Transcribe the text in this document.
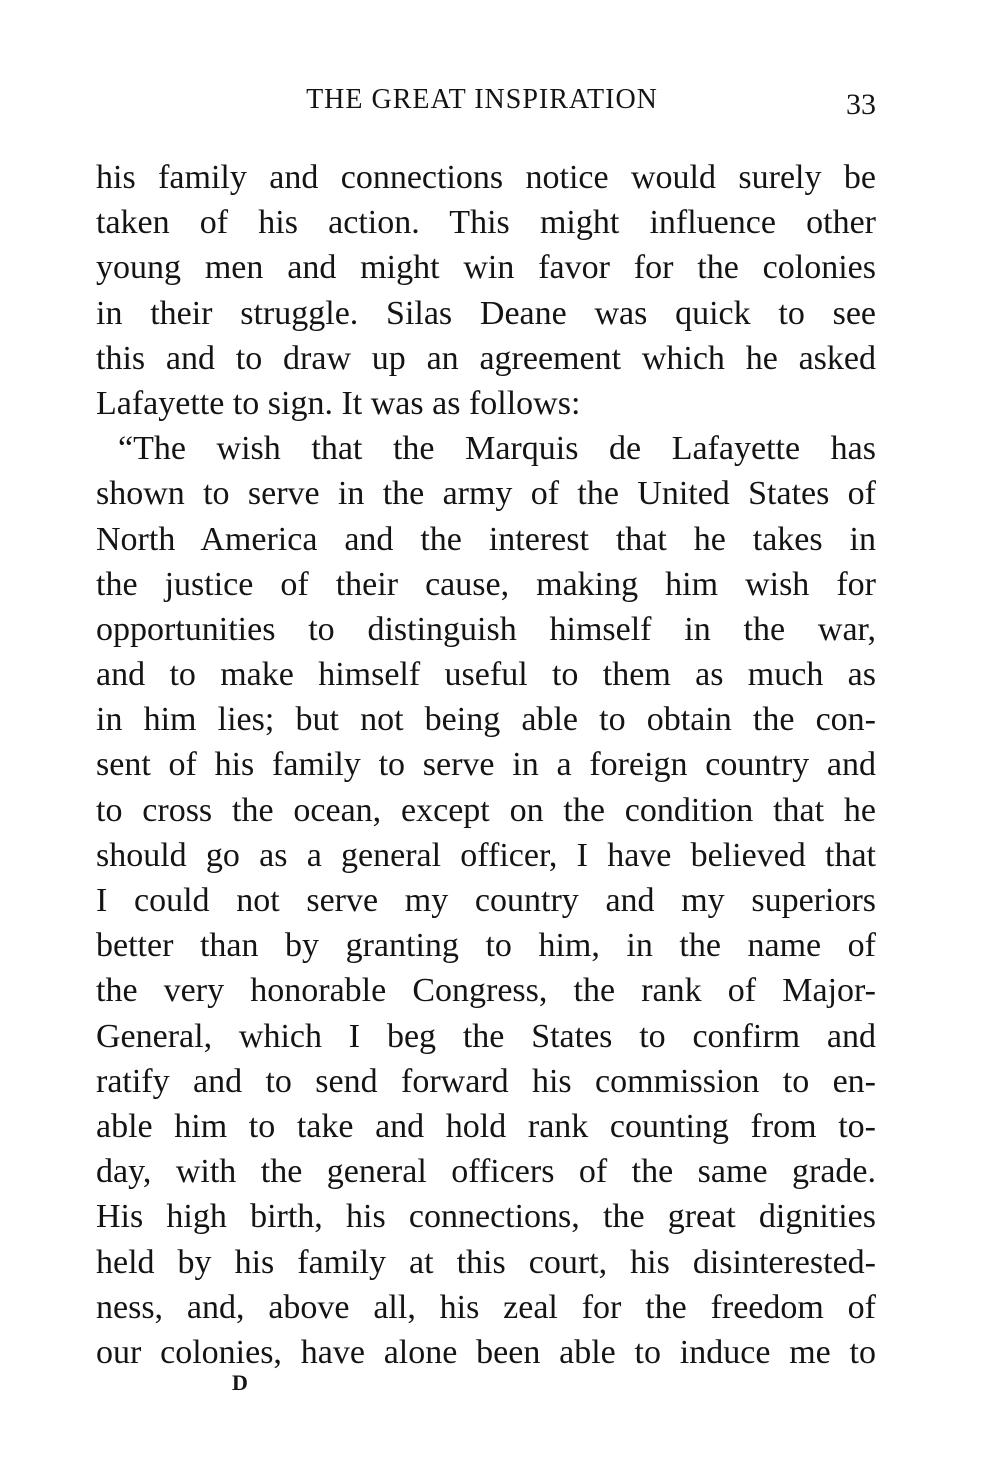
THE GREAT INSPIRATION	33
his family and connections notice would surely be
taken of his action. This might influence other
young men and might win favor for the colonies
in their struggle. Silas Deane was quick to see
this and to draw up an agreement which he asked
Lafayette to sign. It was as follows:
“The wish that the Marquis de Lafayette has
shown to serve in the army of the United States of
North America and the interest that he takes in
the justice of their cause, making him wish for
opportunities to distinguish himself in the war,
and to make himself useful to them as much as
in him lies; but not being able to obtain the con-
sent of his family to serve in a foreign country and
to cross the ocean, except on the condition that he
should go as a general officer, I have believed that
I could not serve my country and my superiors
better than by granting to him, in the name of
the very honorable Congress, the rank of Major-
General, which I beg the States to confirm and
ratify and to send forward his commission to en-
able him to take and hold rank counting from to-
day, with the general officers of the same grade.
His high birth, his connections, the great dignities
held by his family at this court, his disinterested-
ness, and, above all, his zeal for the freedom of
our colonies, have alone been able to induce me to
D
